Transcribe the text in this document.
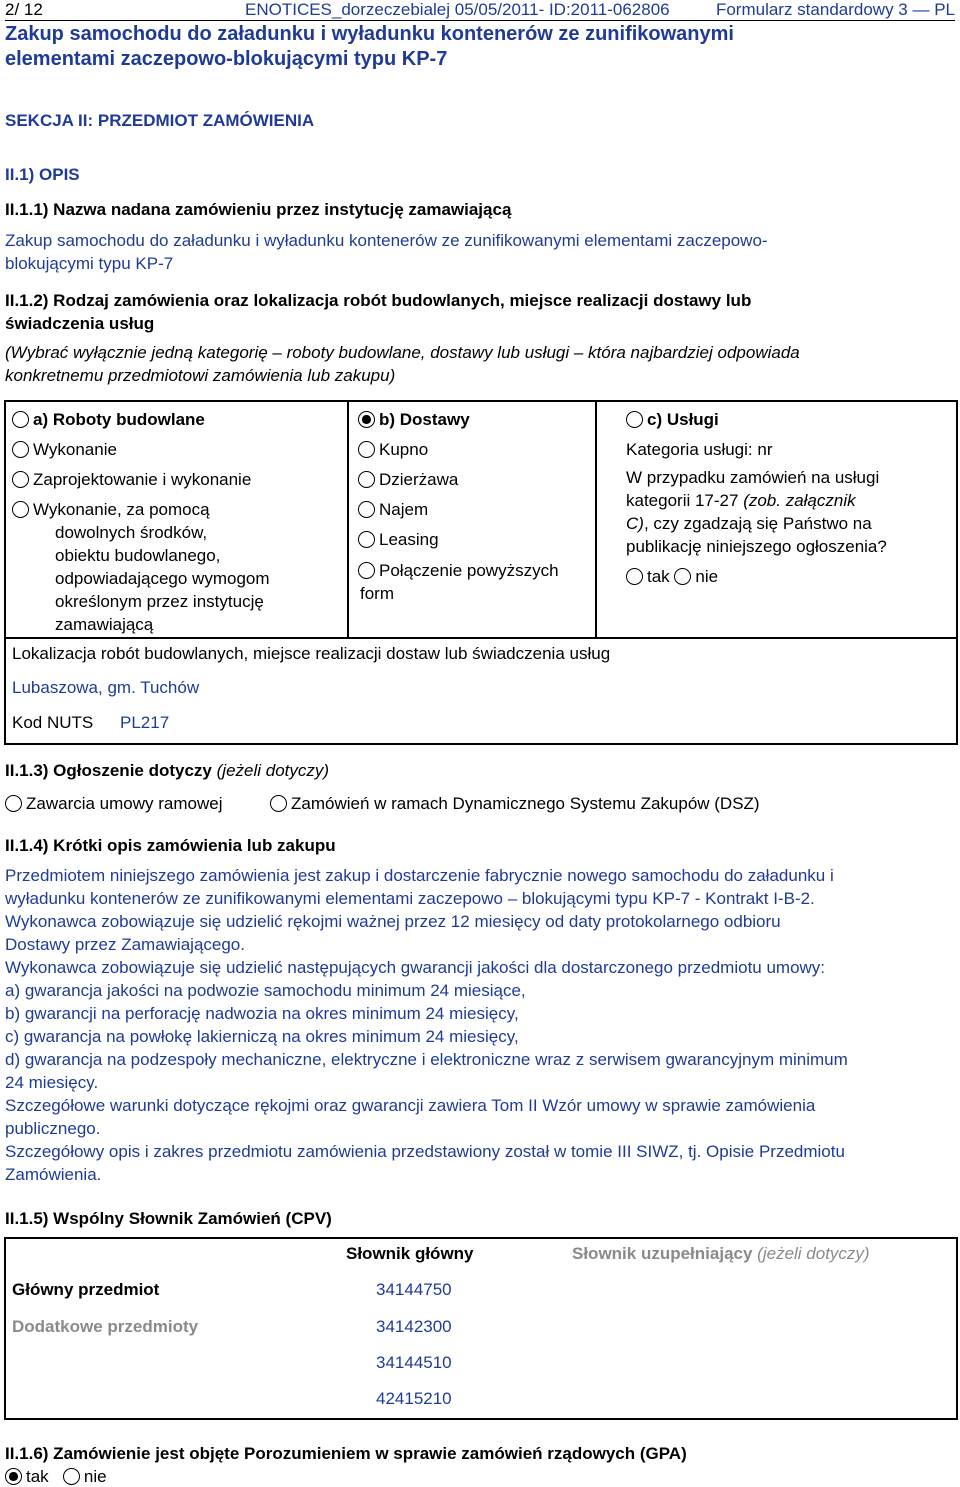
2/ 12	ENOTICES_dorzeczebialej 05/05/2011- ID:2011-062806	Formularz standardowy 3 — PL
Zakup samochodu do załadunku i wyładunku kontenerów ze zunifikowanymi
elementami zaczepowo-blokującymi typu KP-7
SEKCJA II: PRZEDMIOT ZAMÓWIENIA
II.1) OPIS
II.1.1) Nazwa nadana zamówieniu przez instytucję zamawiającą
Zakup samochodu do załadunku i wyładunku kontenerów ze zunifikowanymi elementami zaczepowo-
blokującymi typu KP-7
II.1.2) Rodzaj zamówienia oraz lokalizacja robót budowlanych, miejsce realizacji dostawy lub
świadczenia usług
(Wybrać wyłącznie jedną kategorię – roboty budowlane, dostawy lub usługi – która najbardziej odpowiada
konkretnemu przedmiotowi zamówienia lub zakupu)
a) Roboty budowlane
Wykonanie
Zaprojektowanie i wykonanie
Wykonanie, za pomocą
dowolnych środków,
obiektu budowlanego,
odpowiadającego wymogom
określonym przez instytucję
zamawiającą
b) Dostawy
Kupno
Dzierżawa
Najem
Leasing
Połączenie powyższych
form
c) Usługi
Kategoria usługi: nr
W przypadku zamówień na usługi
kategorii 17-27 (zob. załącznik
C), czy zgadzają się Państwo na
publikację niniejszego ogłoszenia?
tak nie
Lokalizacja robót budowlanych, miejsce realizacji dostaw lub świadczenia usług
Lubaszowa, gm. Tuchów
Kod NUTS PL217
II.1.3) Ogłoszenie dotyczy (jeżeli dotyczy)
Zawarcia umowy ramowej	Zamówień w ramach Dynamicznego Systemu Zakupów (DSZ)
II.1.4) Krótki opis zamówienia lub zakupu
Przedmiotem niniejszego zamówienia jest zakup i dostarczenie fabrycznie nowego samochodu do załadunku i
wyładunku kontenerów ze zunifikowanymi elementami zaczepowo – blokującymi typu KP-7 - Kontrakt I-B-2.
Wykonawca zobowiązuje się udzielić rękojmi ważnej przez 12 miesięcy od daty protokolarnego odbioru
Dostawy przez Zamawiającego.
Wykonawca zobowiązuje się udzielić następujących gwarancji jakości dla dostarczonego przedmiotu umowy:
a) gwarancja jakości na podwozie samochodu minimum 24 miesiące,
b) gwarancji na perforację nadwozia na okres minimum 24 miesięcy,
c) gwarancja na powłokę lakierniczą na okres minimum 24 miesięcy,
d) gwarancja na podzespoły mechaniczne, elektryczne i elektroniczne wraz z serwisem gwarancyjnym minimum
24 miesięcy.
Szczegółowe warunki dotyczące rękojmi oraz gwarancji zawiera Tom II Wzór umowy w sprawie zamówienia
publicznego.
Szczegółowy opis i zakres przedmiotu zamówienia przedstawiony został w tomie III SIWZ, tj. Opisie Przedmiotu
Zamówienia.
II.1.5) Wspólny Słownik Zamówień (CPV)
Słownik główny	Słownik uzupełniający (jeżeli dotyczy)
Główny przedmiot	34144750
Dodatkowe przedmioty	34142300
34144510
42415210
II.1.6) Zamówienie jest objęte Porozumieniem w sprawie zamówień rządowych (GPA)
tak nie
